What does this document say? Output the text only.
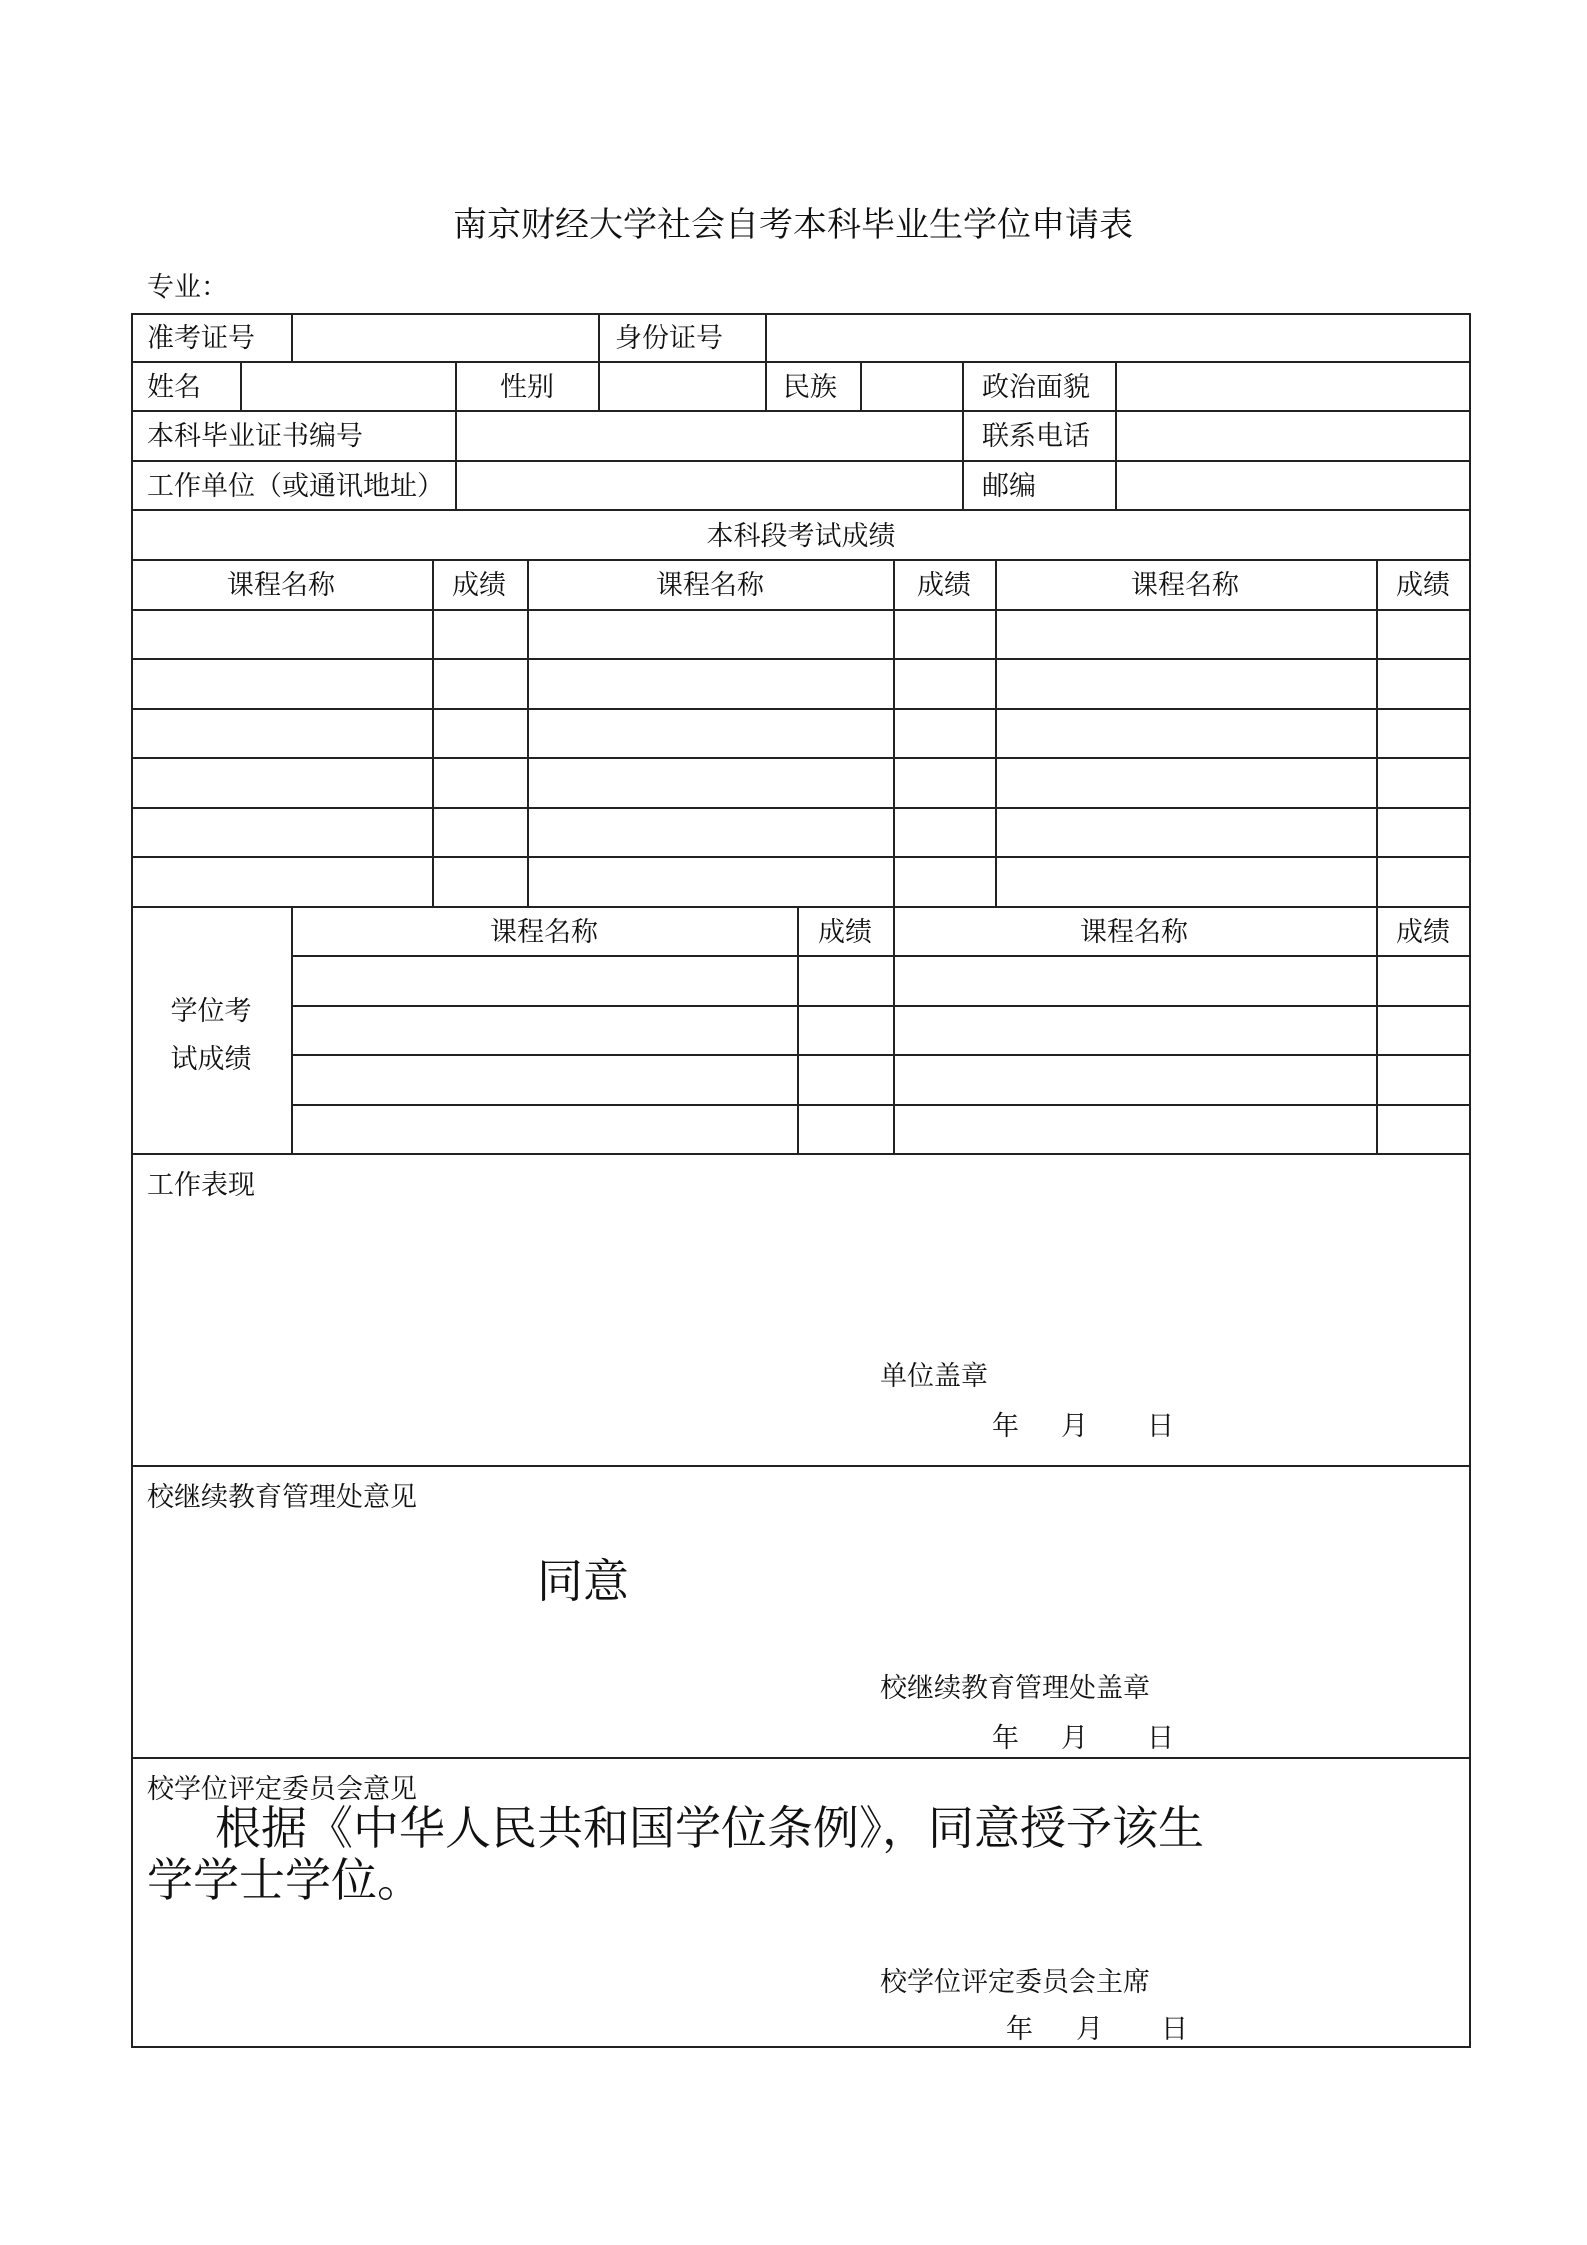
南京财经大学社会自考本科毕业生学位申请表
专业：
准考证号	身份证号
姓名	性别	民族	政治面貌
本科毕业证书编号	联系电话
工作单位（或通讯地址）	邮编
本科段考试成绩
课程名称	成绩	课程名称	成绩	课程名称	成绩
学位考
试成绩
课程名称	成绩	课程名称	成绩
工作表现
单位盖章
年 月 日
校继续教育管理处意见
同意
校继续教育管理处盖章
年 月 日
校学位评定委员会意见
根据《中华人民共和国学位条例》，同意授予该生
学学士学位。
校学位评定委员会主席
年 月 日
